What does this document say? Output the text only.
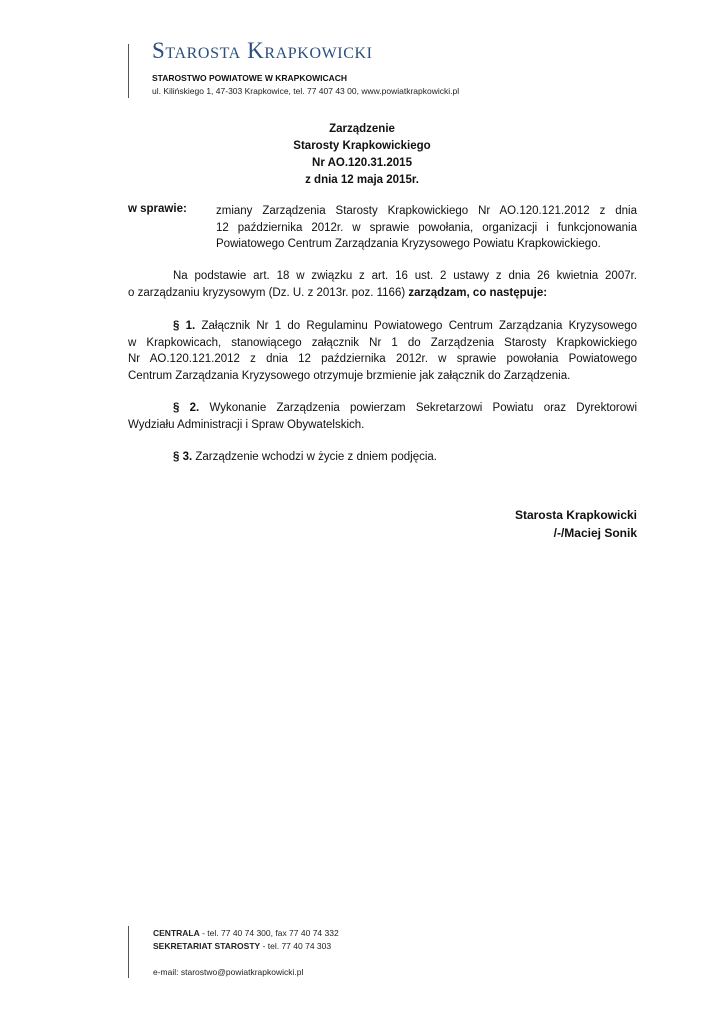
Starosta Krapkowicki
STAROSTWO POWIATOWE W KRAPKOWICACH
ul. Kilińskiego 1, 47-303 Krapkowice, tel. 77 407 43 00, www.powiatkrapkowicki.pl
Zarządzenie
Starosty Krapkowickiego
Nr AO.120.31.2015
z dnia 12 maja 2015r.
w sprawie:	zmiany Zarządzenia Starosty Krapkowickiego Nr AO.120.121.2012 z dnia
12 października 2012r. w sprawie powołania, organizacji i funkcjonowania
Powiatowego Centrum Zarządzania Kryzysowego Powiatu Krapkowickiego.
Na podstawie art. 18 w związku z art. 16 ust. 2 ustawy z dnia 26 kwietnia 2007r.
o zarządzaniu kryzysowym (Dz. U. z 2013r. poz. 1166) zarządzam, co następuje:
§ 1. Załącznik Nr 1 do Regulaminu Powiatowego Centrum Zarządzania Kryzysowego
w Krapkowicach, stanowiącego załącznik Nr 1 do Zarządzenia Starosty Krapkowickiego
Nr AO.120.121.2012 z dnia 12 października 2012r. w sprawie powołania Powiatowego
Centrum Zarządzania Kryzysowego otrzymuje brzmienie jak załącznik do Zarządzenia.
§ 2. Wykonanie Zarządzenia powierzam Sekretarzowi Powiatu oraz Dyrektorowi
Wydziału Administracji i Spraw Obywatelskich.
§ 3. Zarządzenie wchodzi w życie z dniem podjęcia.
Starosta Krapkowicki
/-/Maciej Sonik
CENTRALA - tel. 77 40 74 300, fax 77 40 74 332
SEKRETARIAT STAROSTY - tel. 77 40 74 303
e-mail: starostwo@powiatkrapkowicki.pl
